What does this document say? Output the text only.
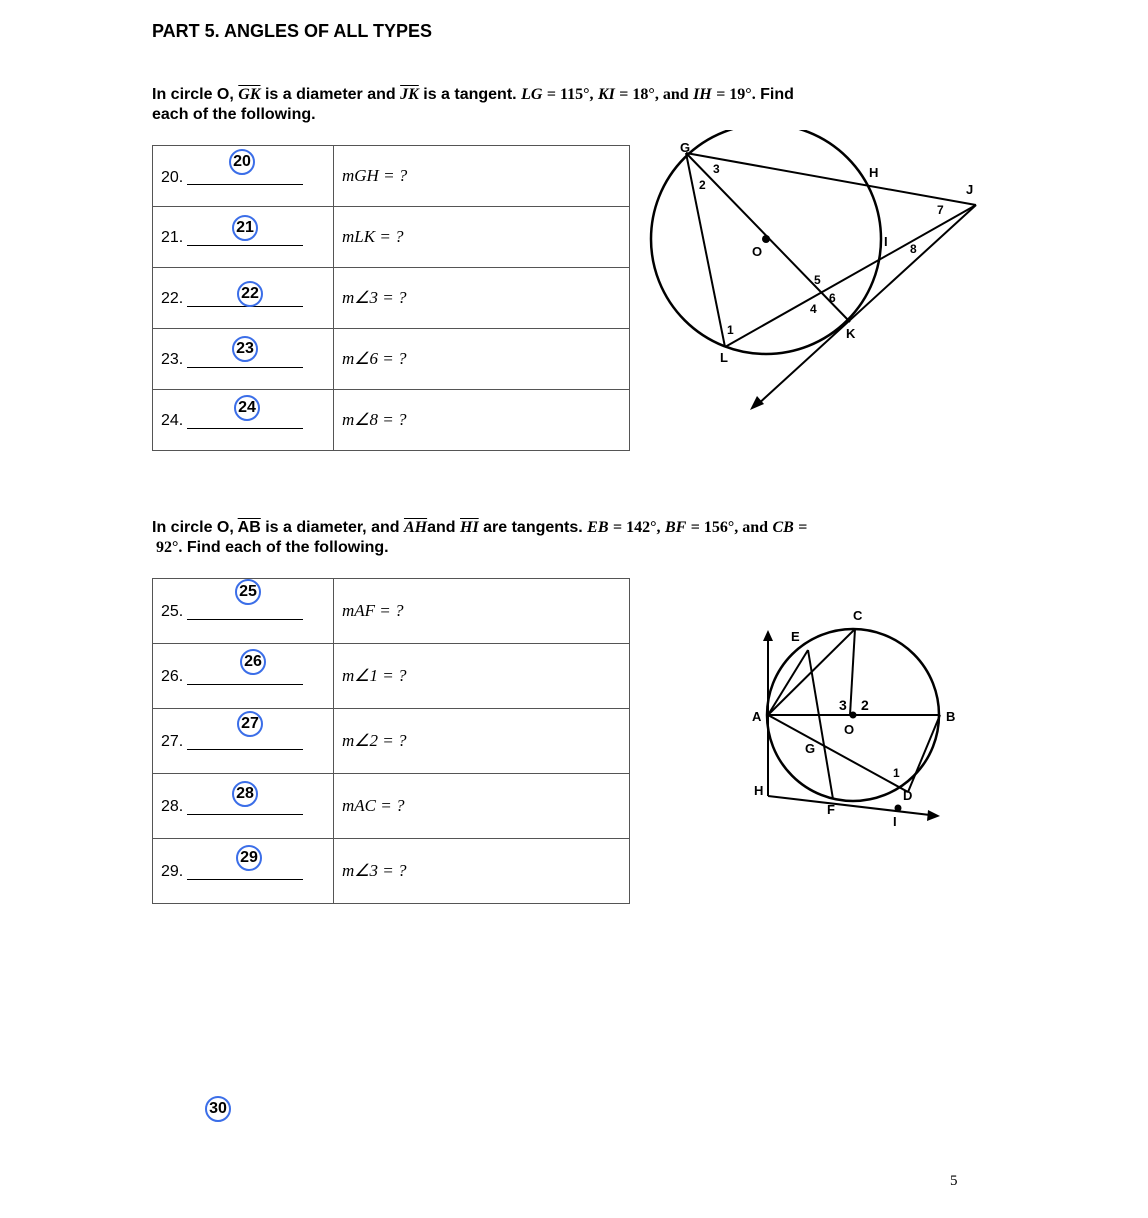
PART 5. ANGLES OF ALL TYPES
In circle O, $\overline{GK}$ is a diameter and $\overline{JK}$ is a tangent. LG = 115°, KI = 18°, and IH = 19°. Find
each of the following.
20.
20	mGH = ?

21.
21	mLK = ?

22. 22	m∠3 = ?

23.
23	m∠6 = ?

24.
24	m∠8 = ?
G
H
J
I
O
K
L
1
2
3
4
5
6
7
8
In circle O, $\overline{AB}$ is a diameter, and $\overline{AH}and$ $\overline{HI}$ are tangents. EB = 142°, BF = 156°, and CB =
92°. Find each of the following.
25.
25	mAF = ?

26.
26	m∠1 = ?

27.
27	m∠2 = ?

28.
28	mAC = ?

29.
29	m∠3 = ?
A	B
C
D
E
F
G
H
I
O
1
2
3
30
5
